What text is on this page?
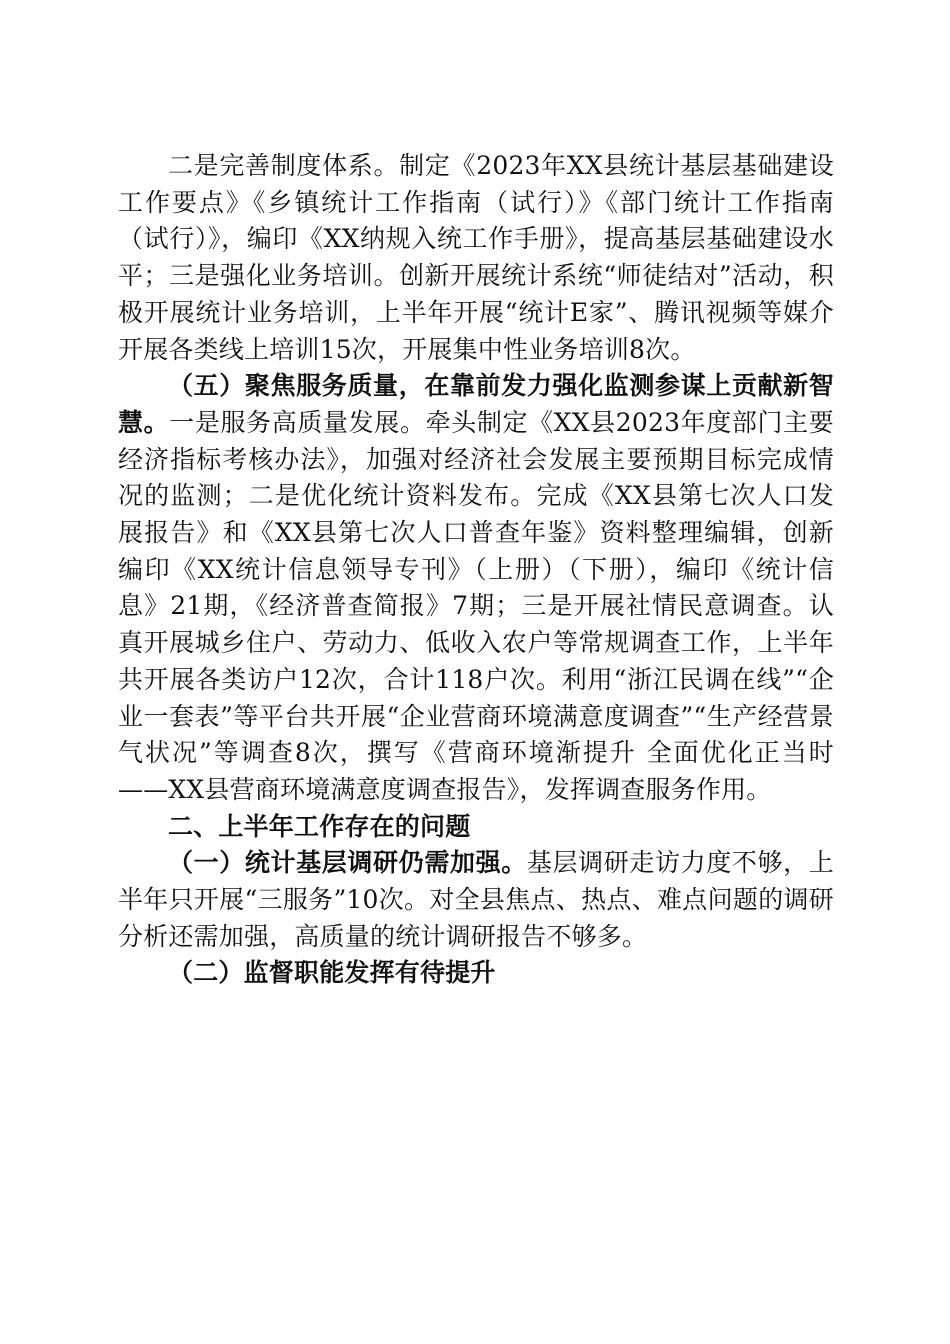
二是完善制度体系。制定《2023年XX县统计基层基础建设工作要点》《乡镇统计工作指南（试行）》《部门统计工作指南（试行）》，编印《XX纳规入统工作手册》，提高基层基础建设水平；三是强化业务培训。创新开展统计系统“师徒结对”活动，积极开展统计业务培训，上半年开展“统计E家”、腾讯视频等媒介开展各类线上培训15次，开展集中性业务培训8次。

（五）聚焦服务质量，在靠前发力强化监测参谋上贡献新智慧。一是服务高质量发展。牵头制定《XX县2023年度部门主要经济指标考核办法》，加强对经济社会发展主要预期目标完成情况的监测；二是优化统计资料发布。完成《XX县第七次人口发展报告》和《XX县第七次人口普查年鉴》资料整理编辑，创新编印《XX统计信息领导专刊》（上册）（下册），编印《统计信息》21期，《经济普查简报》7期；三是开展社情民意调查。认真开展城乡住户、劳动力、低收入农户等常规调查工作，上半年共开展各类访户12次，合计118户次。利用“浙江民调在线”“企业一套表”等平台共开展“企业营商环境满意度调查”“生产经营景气状况”等调查8次，撰写《营商环境渐提升 全面优化正当时——XX县营商环境满意度调查报告》，发挥调查服务作用。

二、上半年工作存在的问题

（一）统计基层调研仍需加强。基层调研走访力度不够，上半年只开展“三服务”10次。对全县焦点、热点、难点问题的调研分析还需加强，高质量的统计调研报告不够多。

（二）监督职能发挥有待提升
